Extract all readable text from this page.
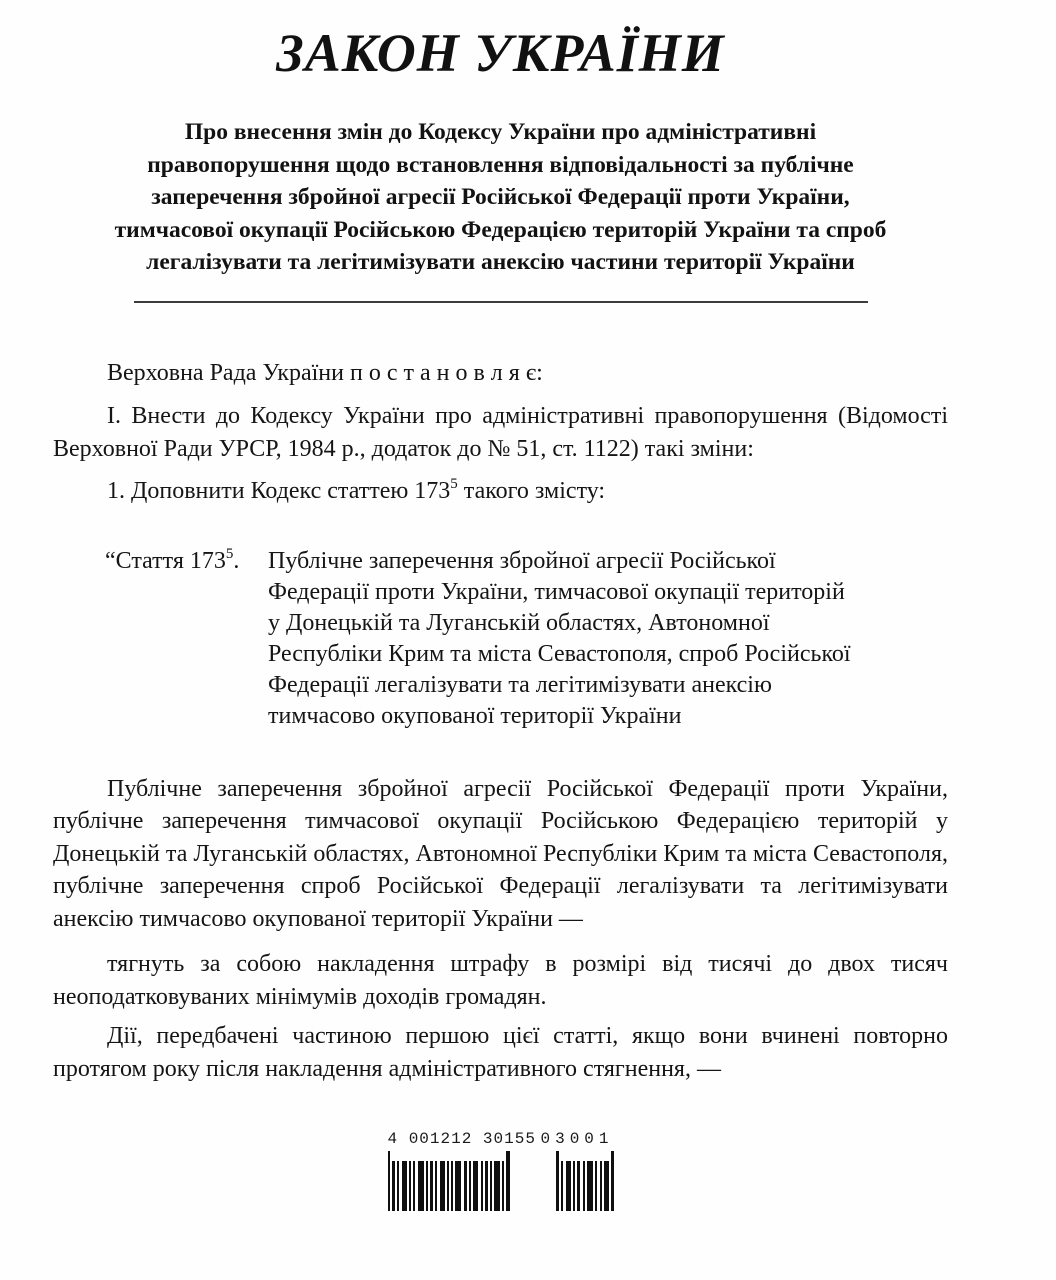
ЗАКОН УКРАЇНИ
Про внесення змін до Кодексу України про адміністративні
правопорушення щодо встановлення відповідальності за публічне
заперечення збройної агресії Російської Федерації проти України,
тимчасової окупації Російською Федерацією територій України та спроб
легалізувати та легітимізувати анексію частини території України

Верховна Рада України п о с т а н о в л я є:

І. Внести до Кодексу України про адміністративні правопорушення (Відомості Верховної Ради УРСР, 1984 р., додаток до № 51, ст. 1122) такі зміни:

1. Доповнити Кодекс статтею 173$^5$ такого змісту:

“Стаття 173$^5$.	Публічне заперечення збройної агресії Російської
Федерації проти України, тимчасової окупації територій
у Донецькій та Луганській областях, Автономної
Республіки Крим та міста Севастополя, спроб Російської
Федерації легалізувати та легітимізувати анексію
тимчасово окупованої території України

Публічне заперечення збройної агресії Російської Федерації проти України, публічне заперечення тимчасової окупації Російською Федерацією територій у Донецькій та Луганській областях, Автономної Республіки Крим та міста Севастополя, публічне заперечення спроб Російської Федерації легалізувати та легітимізувати анексію тимчасово окупованої території України —

тягнуть за собою накладення штрафу в розмірі від тисячі до двох тисяч неоподатковуваних мінімумів доходів громадян.

Дії, передбачені частиною першою цієї статті, якщо вони вчинені повторно протягом року після накладення адміністративного стягнення, —

4 001212 30155 03001
